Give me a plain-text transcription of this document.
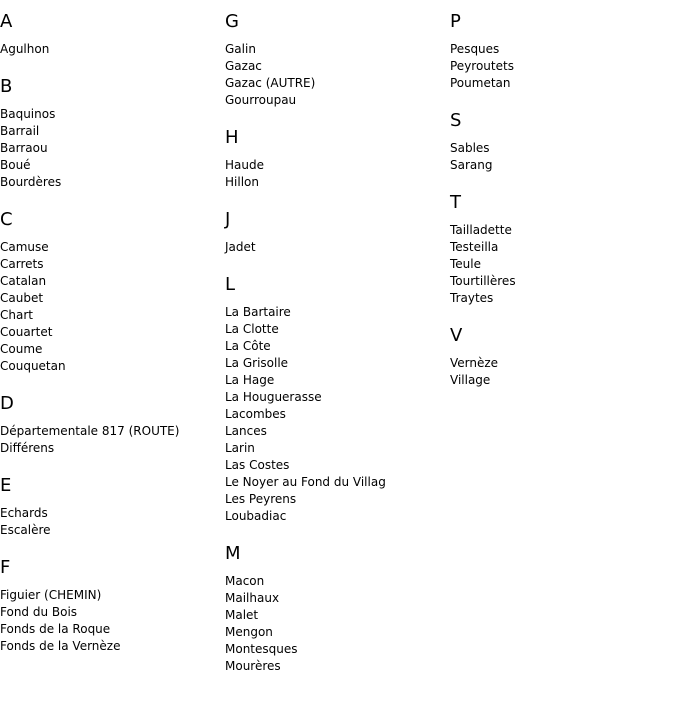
A
Agulhon
B
Baquinos
Barrail
Barraou
Boué
Bourdères
C
Camuse
Carrets
Catalan
Caubet
Chart
Couartet
Coume
Couquetan
D
Départementale 817 (ROUTE)
Différens
E
Echards
Escalère
F
Figuier (CHEMIN)
Fond du Bois
Fonds de la Roque
Fonds de la Vernèze
G
Galin
Gazac
Gazac (AUTRE)
Gourroupau
H
Haude
Hillon
J
Jadet
L
La Bartaire
La Clotte
La Côte
La Grisolle
La Hage
La Houguerasse
Lacombes
Lances
Larin
Las Costes
Le Noyer au Fond du Villag
Les Peyrens
Loubadiac
M
Macon
Mailhaux
Malet
Mengon
Montesques
Mourères
P
Pesques
Peyroutets
Poumetan
S
Sables
Sarang
T
Tailladette
Testeilla
Teule
Tourtillères
Traytes
V
Vernèze
Village
